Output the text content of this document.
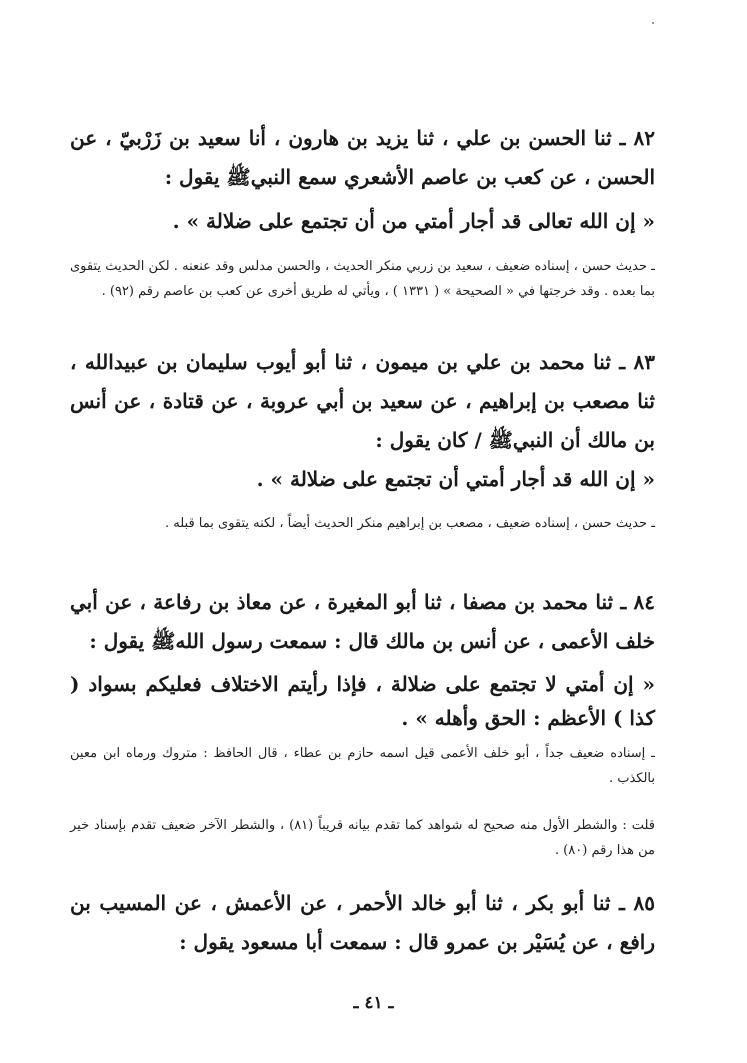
٨٢ ـ ثنا الحسن بن علي ، ثنا يزيد بن هارون ، أنا سعيد بن زَرْبيّ ، عن الحسن ، عن كعب بن عاصم الأشعري سمع النبيﷺ يقول :
« إن الله تعالى قد أجار أمتي من أن تجتمع على ضلالة » .
ـ حديث حسن ، إسناده ضعيف ، سعيد بن زربي منكر الحديث ، والحسن مدلس وقد عنعنه . لكن الحديث يتقوى بما بعده . وقد خرجتها في « الصحيحة » ( ١٣٣١ ) ، ويأتي له طريق أخرى عن كعب بن عاصم رقم (٩٢) .
٨٣ ـ ثنا محمد بن علي بن ميمون ، ثنا أبو أيوب سليمان بن عبيدالله ، ثنا مصعب بن إبراهيم ، عن سعيد بن أبي عروبة ، عن قتادة ، عن أنس بن مالك أن النبيﷺ / كان يقول :
« إن الله قد أجار أمتي أن تجتمع على ضلالة » .
ـ حديث حسن ، إسناده ضعيف ، مصعب بن إبراهيم منكر الحديث أيضاً ، لكنه يتقوى بما قبله .
٨٤ ـ ثنا محمد بن مصفا ، ثنا أبو المغيرة ، عن معاذ بن رفاعة ، عن أبي خلف الأعمى ، عن أنس بن مالك قال : سمعت رسول اللهﷺ يقول :
« إن أمتي لا تجتمع على ضلالة ، فإذا رأيتم الاختلاف فعليكم بسواد ( كذا ) الأعظم : الحق وأهله » .
ـ إسناده ضعيف جداً ، أبو خلف الأعمى قيل اسمه حازم بن عطاء ، قال الحافظ : متروك ورماه ابن معين بالكذب .
قلت : والشطر الأول منه صحيح له شواهد كما تقدم بيانه قريباً (٨١) ، والشطر الآخر ضعيف تقدم بإسناد خير من هذا رقم (٨٠) .
٨٥ ـ ثنا أبو بكر ، ثنا أبو خالد الأحمر ، عن الأعمش ، عن المسيب بن رافع ، عن يُسَيْر بن عمرو قال : سمعت أبا مسعود يقول :
ـ ٤١ ـ
